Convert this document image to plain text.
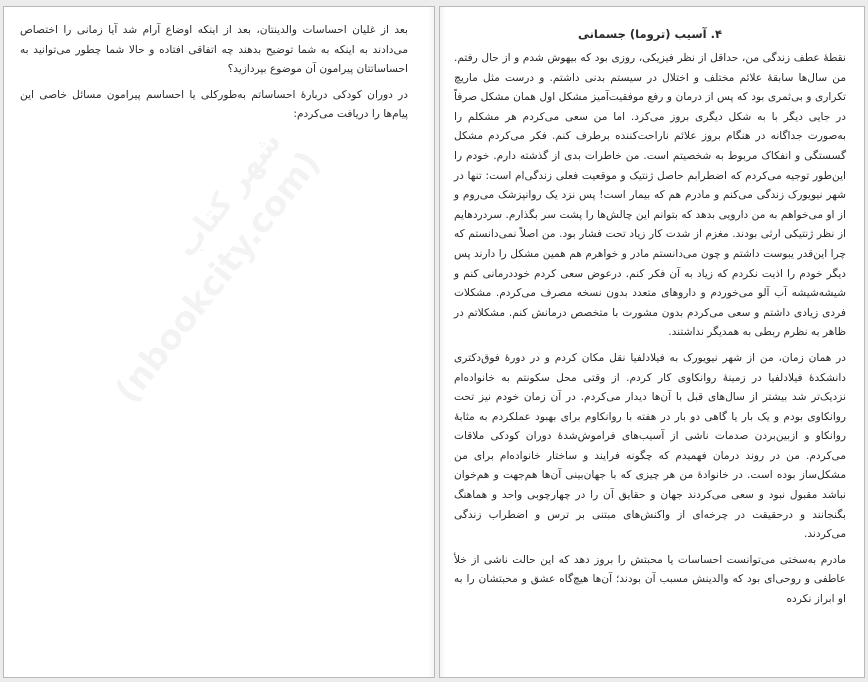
بعد از غلیان احساسات والدینتان، بعد از اینکه اوضاع آرام شد آیا زمانی را اختصاص می‌دادند به اینکه به شما توضیح بدهند چه اتفاقی افتاده و حالا شما چطور می‌توانید به احساساتتان پیرامون آن موضوع بپردازید؟

در دوران کودکی دربارهٔ احساساتم به‌طورکلی یا احساسم پیرامون مسائل خاصی این پیام‌ها را دریافت می‌کردم:

۴. آسیب (تروما) جسمانی

نقطهٔ عطف زندگی من، حداقل از نظر فیزیکی، روزی بود که بیهوش شدم و از حال رفتم. من سال‌ها سابقهٔ علائم مختلف و اختلال در سیستم بدنی داشتم. و درست مثل ماریچ تکراری و بی‌ثمری بود که پس از درمان و رفع موفقیت‌آمیز مشکل اول همان مشکل صرفاً در جایی دیگر با به شکل دیگری بروز می‌کرد. اما من سعی می‌کردم هر مشکلم را به‌صورت جداگانه در هنگام بروز علائم ناراحت‌کننده برطرف کنم. فکر می‌کردم مشکل گسستگی و انفکاک مربوط به شخصیتم است. من خاطرات بدی از گذشته دارم. خودم را این‌طور توجیه می‌کردم که اضطرابم حاصل ژنتیک و موقعیت فعلی زندگی‌ام است: تنها در شهر نیویورک زندگی می‌کنم و مادرم هم که بیمار است! پس نزد یک روانپزشک می‌روم و از او می‌خواهم به من دارویی بدهد که بتوانم این چالش‌ها را پشت سر بگذارم. سردردهایم از نظر ژنتیکی ارثی بودند. مغزم از شدت کار زیاد تحت فشار بود. من اصلاً نمی‌دانستم که چرا این‌قدر یبوست داشتم و چون می‌دانستم مادر و خواهرم هم همین مشکل را دارند پس دیگر خودم را اذیت نکردم که زیاد به آن فکر کنم. درعوض سعی کردم خوددرمانی کنم و شیشه‌شیشه آب آلو می‌خوردم و داروهای متعدد بدون نسخه مصرف می‌کردم. مشکلات فردی زیادی داشتم و سعی می‌کردم بدون مشورت با متخصص درمانش کنم. مشکلاتم در ظاهر به نظرم ربطی به همدیگر نداشتند.

در همان زمان، من از شهر نیویورک به فیلادلفیا نقل مکان کردم و در دورهٔ فوق‌دکتری دانشکدهٔ فیلادلفیا در زمینهٔ روانکاوی کار کردم. از وقتی محل سکونتم به خانواده‌ام نزدیک‌تر شد بیشتر از سال‌های قبل با آن‌ها دیدار می‌کردم. در آن زمان خودم نیز تحت روانکاوی بودم و یک بار یا گاهی دو بار در هفته با روانکاوم برای بهبود عملکردم به مثابهٔ روانکاو و ازبین‌بردن صدمات ناشی از آسیب‌های فراموش‌شدهٔ دوران کودکی ملاقات می‌کردم. من در روند درمان فهمیدم که چگونه فرایند و ساختار خانواده‌ام برای من مشکل‌ساز بوده است. در خانوادهٔ من هر چیزی که با جهان‌بینی آن‌ها هم‌جهت و هم‌خوان نباشد مقبول نبود و سعی می‌کردند جهان و حقایق آن را در چهارچوبی واحد و هماهنگ بگنجانند و درحقیقت در چرخه‌ای از واکنش‌های مبتنی بر ترس و اضطراب زندگی می‌کردند.

مادرم به‌سختی می‌توانست احساسات یا محبتش را بروز دهد که این حالت ناشی از خلأ عاطفی و روحی‌ای بود که والدینش مسبب آن بودند؛ آن‌ها هیچ‌گاه عشق و محبتشان را به او ابراز نکرده
